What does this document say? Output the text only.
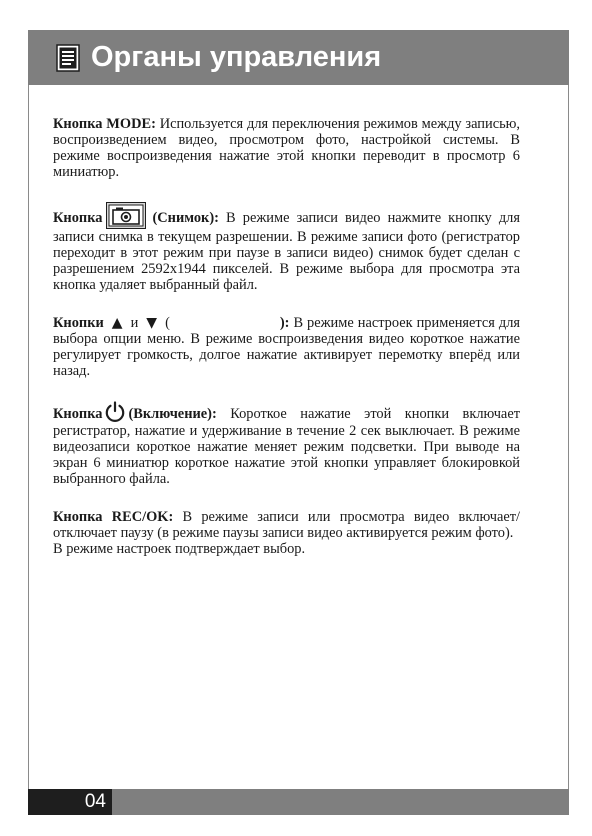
Органы управления

Кнопка MODE: Используется для переключения режимов между записью, воспроизведением видео, просмотром фото, настройкой системы. В режиме воспроизведения нажатие этой кнопки переводит в просмотр 6 миниатюр.

Кнопка	(Снимок): В режиме записи видео нажмите кнопку для записи снимка в текущем разрешении. В режиме записи фото (регистратор переходит в этот режим при паузе в записи видео) снимок будет сделан с разрешением 2592х1944 пикселей. В режиме выбора для просмотра эта кнопка удаляет выбранный файл.

Кнопки ▲ и ▼ (	): В режиме настроек применяется для выбора опции меню. В режиме воспроизведения видео короткое нажатие регулирует громкость, долгое нажатие активирует перемотку вперёд или назад.

Кнопка (Включение): Короткое нажатие этой кнопки включает регистратор, нажатие и удерживание в течение 2 сек выключает. В режиме видеозаписи короткое нажатие меняет режим подсветки. При выводе на экран 6 миниатюр короткое нажатие этой кнопки управляет блокировкой выбранного файла.

Кнопка REC/OK: В режиме записи или просмотра видео включает/отключает паузу (в режиме паузы записи видео активируется режим фото).
В режиме настроек подтверждает выбор.

04
